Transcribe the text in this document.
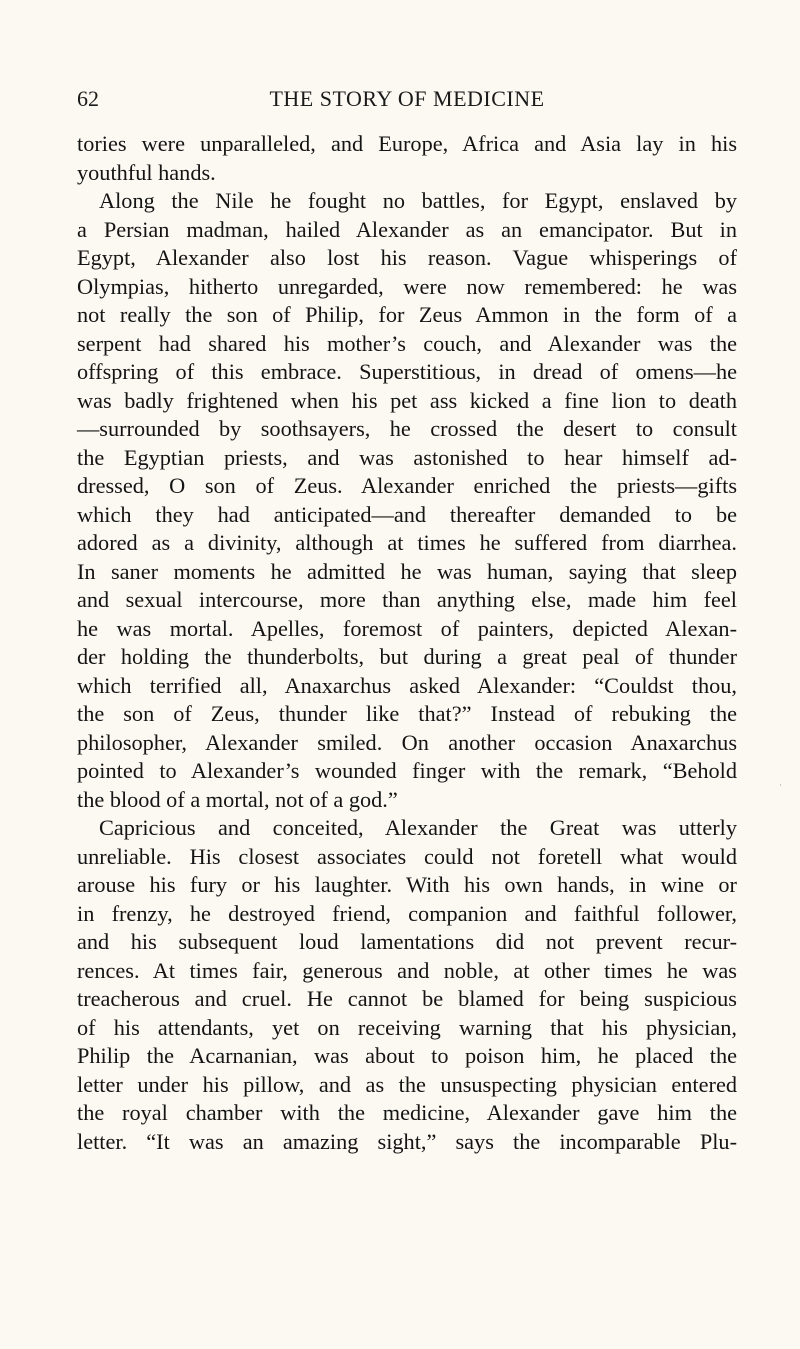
62	THE STORY OF MEDICINE
tories were unparalleled, and Europe, Africa and Asia lay in his
youthful hands.
Along the Nile he fought no battles, for Egypt, enslaved by
a Persian madman, hailed Alexander as an emancipator. But in
Egypt, Alexander also lost his reason. Vague whisperings of
Olympias, hitherto unregarded, were now remembered: he was
not really the son of Philip, for Zeus Ammon in the form of a
serpent had shared his mother’s couch, and Alexander was the
offspring of this embrace. Superstitious, in dread of omens—he
was badly frightened when his pet ass kicked a fine lion to death
—surrounded by soothsayers, he crossed the desert to consult
the Egyptian priests, and was astonished to hear himself ad-
dressed, O son of Zeus. Alexander enriched the priests—gifts
which they had anticipated—and thereafter demanded to be
adored as a divinity, although at times he suffered from diarrhea.
In saner moments he admitted he was human, saying that sleep
and sexual intercourse, more than anything else, made him feel
he was mortal. Apelles, foremost of painters, depicted Alexan-
der holding the thunderbolts, but during a great peal of thunder
which terrified all, Anaxarchus asked Alexander: “Couldst thou,
the son of Zeus, thunder like that?” Instead of rebuking the
philosopher, Alexander smiled. On another occasion Anaxarchus
pointed to Alexander’s wounded finger with the remark, “Behold
the blood of a mortal, not of a god.”
Capricious and conceited, Alexander the Great was utterly
unreliable. His closest associates could not foretell what would
arouse his fury or his laughter. With his own hands, in wine or
in frenzy, he destroyed friend, companion and faithful follower,
and his subsequent loud lamentations did not prevent recur-
rences. At times fair, generous and noble, at other times he was
treacherous and cruel. He cannot be blamed for being suspicious
of his attendants, yet on receiving warning that his physician,
Philip the Acarnanian, was about to poison him, he placed the
letter under his pillow, and as the unsuspecting physician entered
the royal chamber with the medicine, Alexander gave him the
letter. “It was an amazing sight,” says the incomparable Plu-
·
